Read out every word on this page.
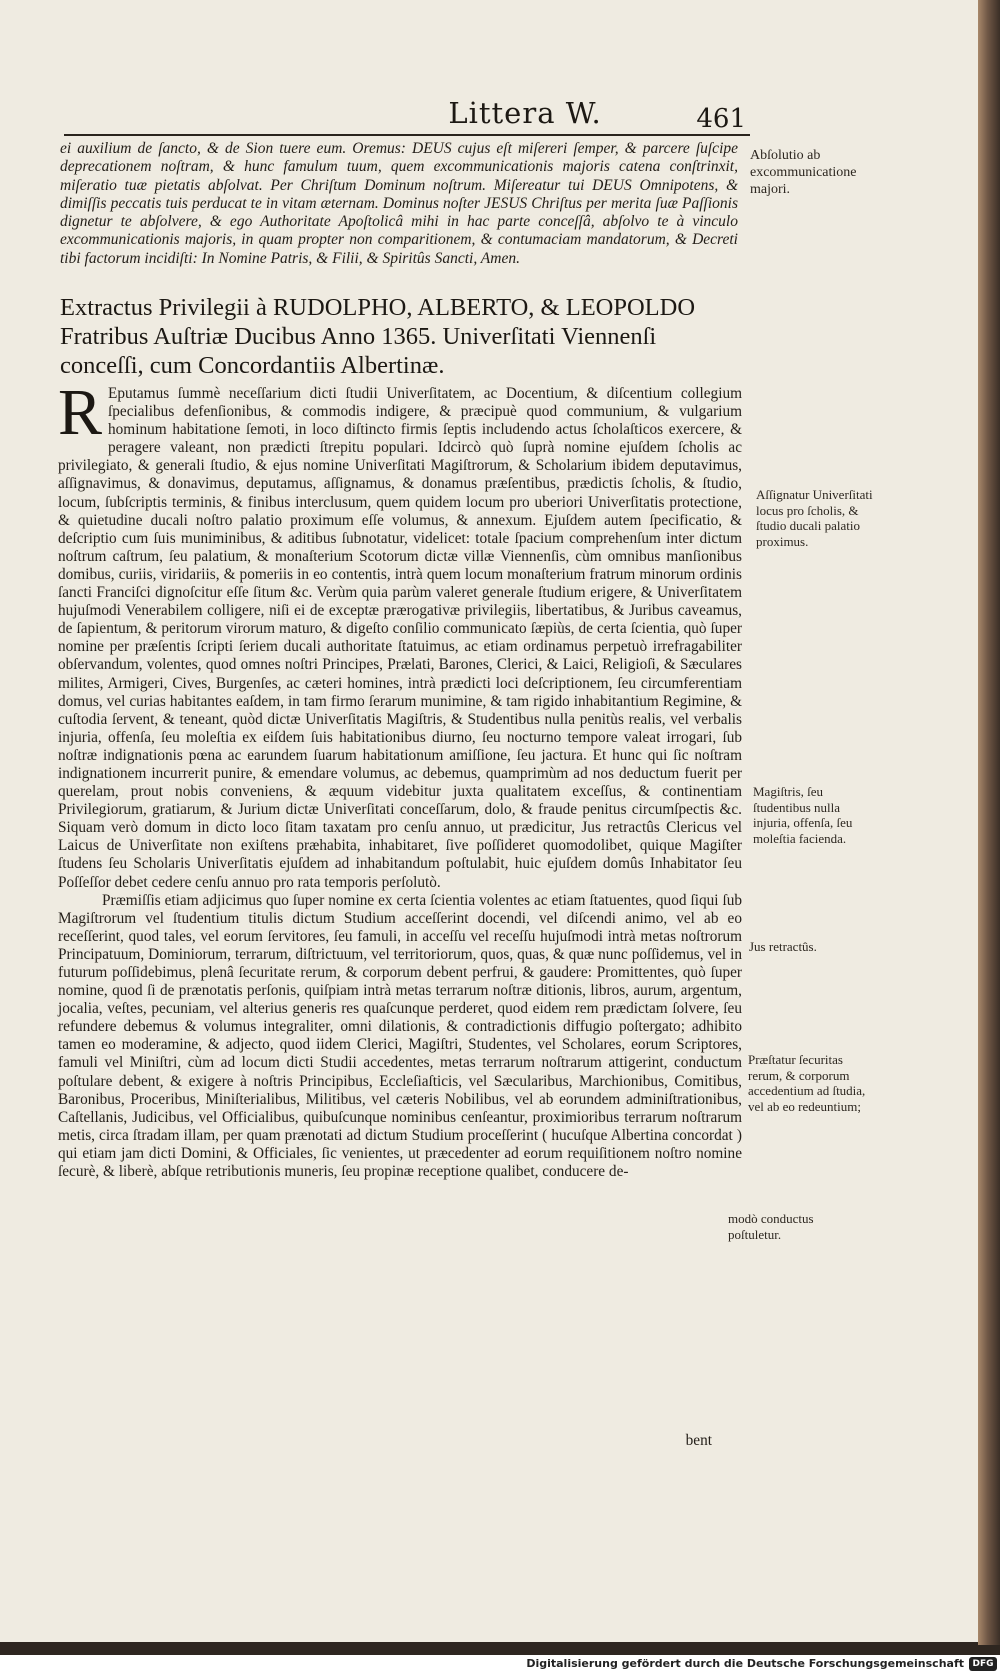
Littera W.	461

ei auxilium de ſancto, & de Sion tuere eum. Oremus: DEUS cujus eſt miſereri ſemper, & parcere ſuſcipe deprecationem noſtram, & hunc famulum tuum, quem excommunicationis majoris catena conſtrinxit, miſeratio tuæ pietatis abſolvat. Per Chriſtum Dominum noſtrum. Miſereatur tui DEUS Omnipotens, & dimiſſis peccatis tuis perducat te in vitam æternam. Dominus noſter JESUS Chriſtus per merita ſuæ Paſſionis dignetur te abſolvere, & ego Authoritate Apoſtolicâ mihi in hac parte conceſſâ, abſolvo te à vinculo excommunicationis majoris, in quam propter non comparitionem, & contumaciam mandatorum, & Decreti tibi factorum incidiſti: In Nomine Patris, & Filii, & Spiritûs Sancti, Amen.

Extractus Privilegii à RUDOLPHO, ALBERTO, & LEOPOLDO Fratribus Auſtriæ Ducibus Anno 1365. Univerſitati Viennenſi conceſſi, cum Concordantiis Albertinæ.

R Eputamus ſummè neceſſarium dicti ſtudii Univerſitatem, ac Docentium, & diſcentium collegium ſpecialibus defenſionibus, & commodis indigere, & præcipuè quod communium, & vulgarium hominum habitatione ſemoti, in loco diſtincto firmis ſeptis includendo actus ſcholaſticos exercere, & peragere valeant, non prædicti ſtrepitu populari. Idcircò quò ſuprà nomine ejuſdem ſcholis ac privilegiato, & generali ſtudio, & ejus nomine Univerſitati Magiſtrorum, & Scholarium ibidem deputavimus, aſſignavimus, & donavimus, deputamus, aſſignamus, & donamus præſentibus, prædictis ſcholis, & ſtudio, locum, ſubſcriptis terminis, & finibus interclusum, quem quidem locum pro uberiori Univerſitatis protectione, & quietudine ducali noſtro palatio proximum eſſe volumus, & annexum. Ejuſdem autem ſpecificatio, & deſcriptio cum ſuis muniminibus, & aditibus ſubnotatur, videlicet: totale ſpacium comprehenſum inter dictum noſtrum caſtrum, ſeu palatium, & monaſterium Scotorum dictæ villæ Viennenſis, cùm omnibus manſionibus domibus, curiis, viridariis, & pomeriis in eo contentis, intrà quem locum monaſterium fratrum minorum ordinis ſancti Franciſci dignoſcitur eſſe ſitum &c. Verùm quia parùm valeret generale ſtudium erigere, & Univerſitatem hujuſmodi Venerabilem colligere, niſi ei de exceptæ prærogativæ privilegiis, libertatibus, & Juribus caveamus, de ſapientum, & peritorum virorum maturo, & digeſto conſilio communicato ſæpiùs, de certa ſcientia, quò ſuper nomine per præſentis ſcripti ſeriem ducali authoritate ſtatuimus, ac etiam ordinamus perpetuò irrefragabiliter obſervandum, volentes, quod omnes noſtri Principes, Prælati, Barones, Clerici, & Laici, Religioſi, & Sæculares milites, Armigeri, Cives, Burgenſes, ac cæteri homines, intrà prædicti loci deſcriptionem, ſeu circumferentiam domus, vel curias habitantes eaſdem, in tam firmo ſerarum munimine, & tam rigido inhabitantium Regimine, & cuſtodia ſervent, & teneant, quòd dictæ Univerſitatis Magiſtris, & Studentibus nulla penitùs realis, vel verbalis injuria, offenſa, ſeu moleſtia ex eiſdem ſuis habitationibus diurno, ſeu nocturno tempore valeat irrogari, ſub noſtræ indignationis pœna ac earundem ſuarum habitationum amiſſione, ſeu jactura. Et hunc qui ſic noſtram indignationem incurrerit punire, & emendare volumus, ac debemus, quamprimùm ad nos deductum fuerit per querelam, prout nobis conveniens, & æquum videbitur juxta qualitatem exceſſus, & continentiam Privilegiorum, gratiarum, & Jurium dictæ Univerſitati conceſſarum, dolo, & fraude penitus circumſpectis &c. Siquam verò domum in dicto loco ſitam taxatam pro cenſu annuo, ut prædicitur, Jus retractûs Clericus vel Laicus de Univerſitate non exiſtens præhabita, inhabitaret, ſive poſſideret quomodolibet, quique Magiſter ſtudens ſeu Scholaris Univerſitatis ejuſdem ad inhabitandum poſtulabit, huic ejuſdem domûs Inhabitator ſeu Poſſeſſor debet cedere cenſu annuo pro rata temporis perſolutò.

Præmiſſis etiam adjicimus quo ſuper nomine ex certa ſcientia volentes ac etiam ſtatuentes, quod ſiqui ſub Magiſtrorum vel ſtudentium titulis dictum Studium acceſſerint docendi, vel diſcendi animo, vel ab eo receſſerint, quod tales, vel eorum ſervitores, ſeu famuli, in acceſſu vel receſſu hujuſmodi intrà metas noſtrorum Principatuum, Dominiorum, terrarum, diſtrictuum, vel territoriorum, quos, quas, & quæ nunc poſſidemus, vel in futurum poſſidebimus, plenâ ſecuritate rerum, & corporum debent perfrui, & gaudere: Promittentes, quò ſuper nomine, quod ſi de prænotatis perſonis, quiſpiam intrà metas terrarum noſtræ ditionis, libros, aurum, argentum, jocalia, veſtes, pecuniam, vel alterius generis res quaſcunque perderet, quod eidem rem prædictam ſolvere, ſeu refundere debemus & volumus integraliter, omni dilationis, & contradictionis diffugio poſtergato; adhibito tamen eo moderamine, & adjecto, quod iidem Clerici, Magiſtri, Studentes, vel Scholares, eorum Scriptores, famuli vel Miniſtri, cùm ad locum dicti Studii accedentes, metas terrarum noſtrarum attigerint, conductum poſtulare debent, & exigere à noſtris Principibus, Eccleſiaſticis, vel Sæcularibus, Marchionibus, Comitibus, Baronibus, Proceribus, Miniſterialibus, Militibus, vel cæteris Nobilibus, vel ab eorundem adminiſtrationibus, Caſtellanis, Judicibus, vel Officialibus, quibuſcunque nominibus cenſeantur, proximioribus terrarum noſtrarum metis, circa ſtradam illam, per quam prænotati ad dictum Studium proceſſerint ( hucuſque Albertina concordat ) qui etiam jam dicti Domini, & Officiales, ſic venientes, ut præcedenter ad eorum requiſitionem noſtro nomine ſecurè, & liberè, abſque retributionis muneris, ſeu propinæ receptione qualibet, conducere de-

bent
Abſolutio ab excommunicatione majori.
Aſſignatur Univerſitati locus pro ſcholis, & ſtudio ducali palatio proximus.
Magiſtris, ſeu ſtudentibus nulla injuria, offenſa, ſeu moleſtia facienda.
Jus retractûs.
Præſtatur ſecuritas rerum, & corporum accedentium ad ſtudia, vel ab eo redeuntium;
modò conductus poſtuletur.
Digitalisierung gefördert durch die Deutsche Forschungsgemeinschaft DFG
